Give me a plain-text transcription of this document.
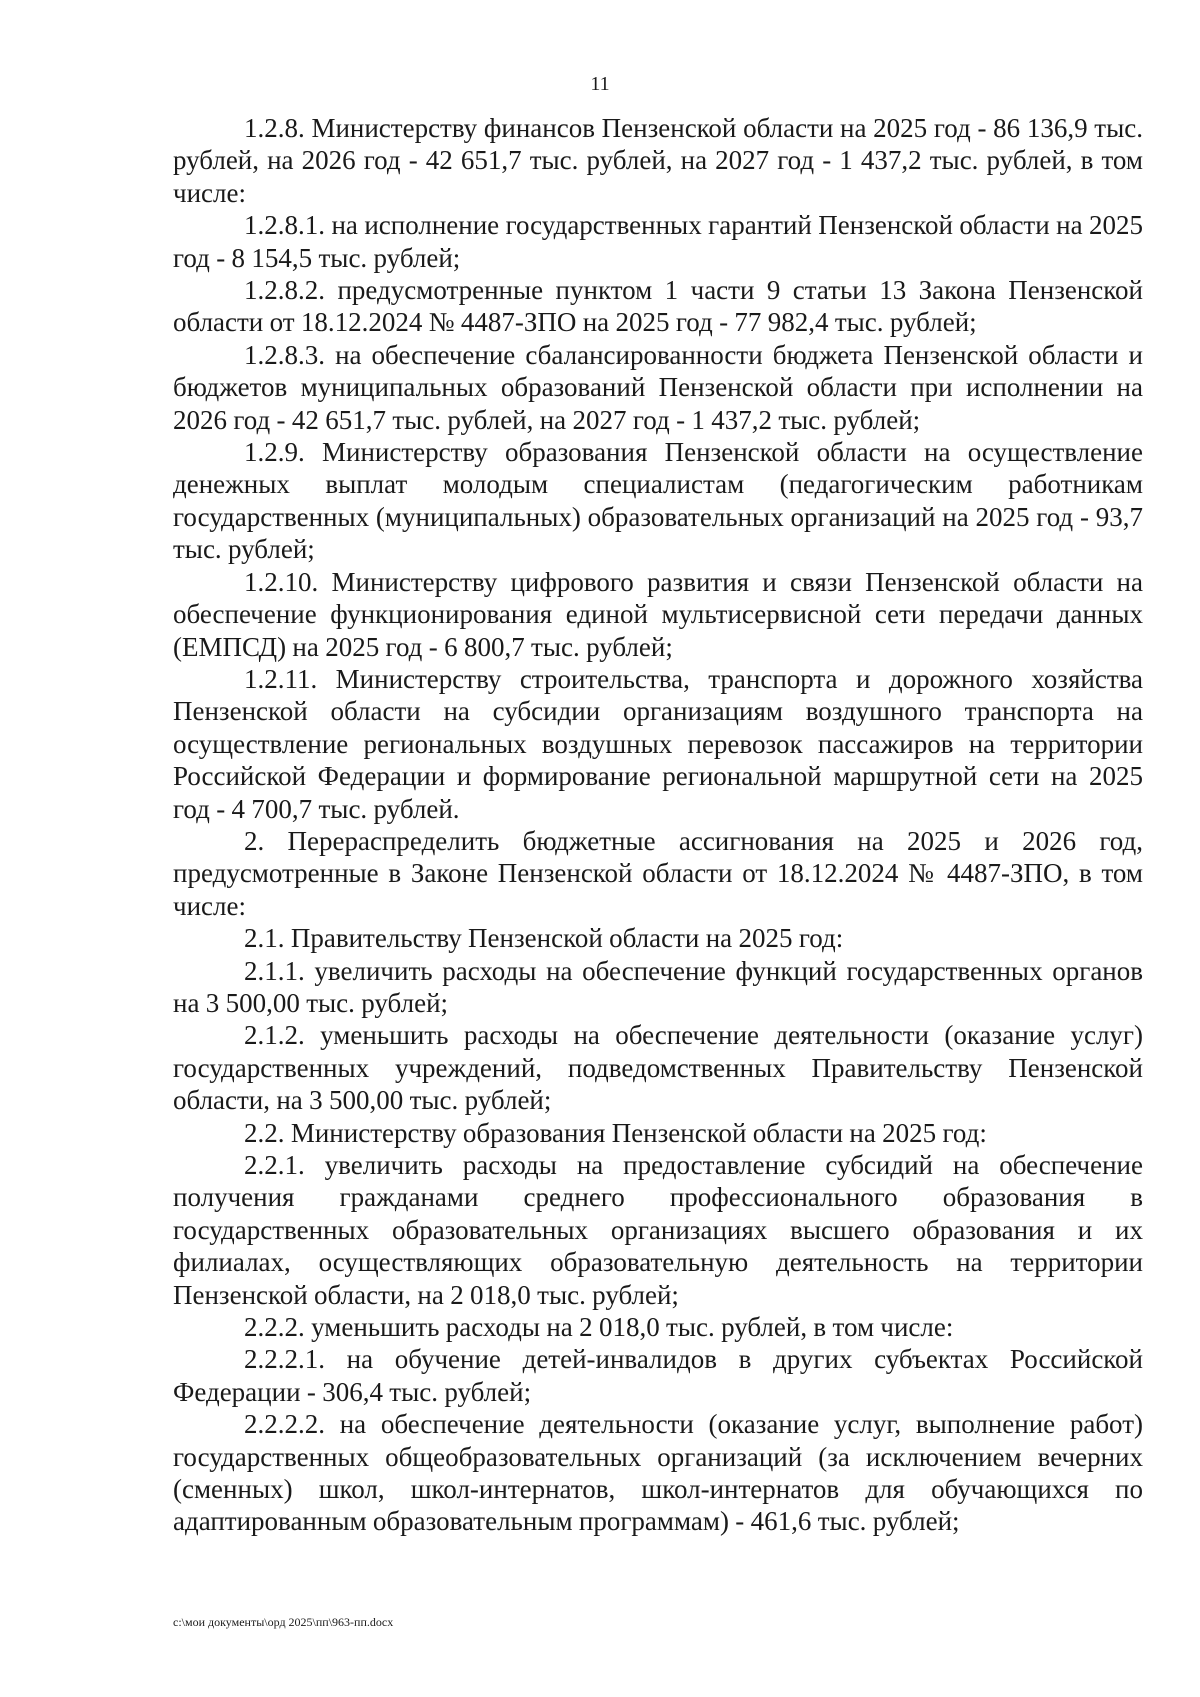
11

1.2.8. Министерству финансов Пензенской области на 2025 год - 86 136,9 тыс. рублей, на 2026 год - 42 651,7 тыс. рублей, на 2027 год - 1 437,2 тыс. рублей, в том числе:

1.2.8.1. на исполнение государственных гарантий Пензенской области на 2025 год - 8 154,5 тыс. рублей;

1.2.8.2. предусмотренные пунктом 1 части 9 статьи 13 Закона Пензенской области от 18.12.2024 № 4487-ЗПО на 2025 год - 77 982,4 тыс. рублей;

1.2.8.3. на обеспечение сбалансированности бюджета Пензенской области и бюджетов муниципальных образований Пензенской области при исполнении на 2026 год - 42 651,7 тыс. рублей, на 2027 год - 1 437,2 тыс. рублей;

1.2.9. Министерству образования Пензенской области на осуществление денежных выплат молодым специалистам (педагогическим работникам государственных (муниципальных) образовательных организаций на 2025 год - 93,7 тыс. рублей;

1.2.10. Министерству цифрового развития и связи Пензенской области на обеспечение функционирования единой мультисервисной сети передачи данных (ЕМПСД) на 2025 год - 6 800,7 тыс. рублей;

1.2.11. Министерству строительства, транспорта и дорожного хозяйства Пензенской области на субсидии организациям воздушного транспорта на осуществление региональных воздушных перевозок пассажиров на территории Российской Федерации и формирование региональной маршрутной сети на 2025 год - 4 700,7 тыс. рублей.

2. Перераспределить бюджетные ассигнования на 2025 и 2026 год, предусмотренные в Законе Пензенской области от 18.12.2024 № 4487-ЗПО, в том числе:

2.1. Правительству Пензенской области на 2025 год:

2.1.1. увеличить расходы на обеспечение функций государственных органов на 3 500,00 тыс. рублей;

2.1.2. уменьшить расходы на обеспечение деятельности (оказание услуг) государственных учреждений, подведомственных Правительству Пензенской области, на 3 500,00 тыс. рублей;

2.2. Министерству образования Пензенской области на 2025 год:

2.2.1. увеличить расходы на предоставление субсидий на обеспечение получения гражданами среднего профессионального образования в государственных образовательных организациях высшего образования и их филиалах, осуществляющих образовательную деятельность на территории Пензенской области, на 2 018,0 тыс. рублей;

2.2.2. уменьшить расходы на 2 018,0 тыс. рублей, в том числе:

2.2.2.1. на обучение детей-инвалидов в других субъектах Российской Федерации - 306,4 тыс. рублей;

2.2.2.2. на обеспечение деятельности (оказание услуг, выполнение работ) государственных общеобразовательных организаций (за исключением вечерних (сменных) школ, школ-интернатов, школ-интернатов для обучающихся по адаптированным образовательным программам) - 461,6 тыс. рублей;

c:\мои документы\орд 2025\пп\963-пп.docx
